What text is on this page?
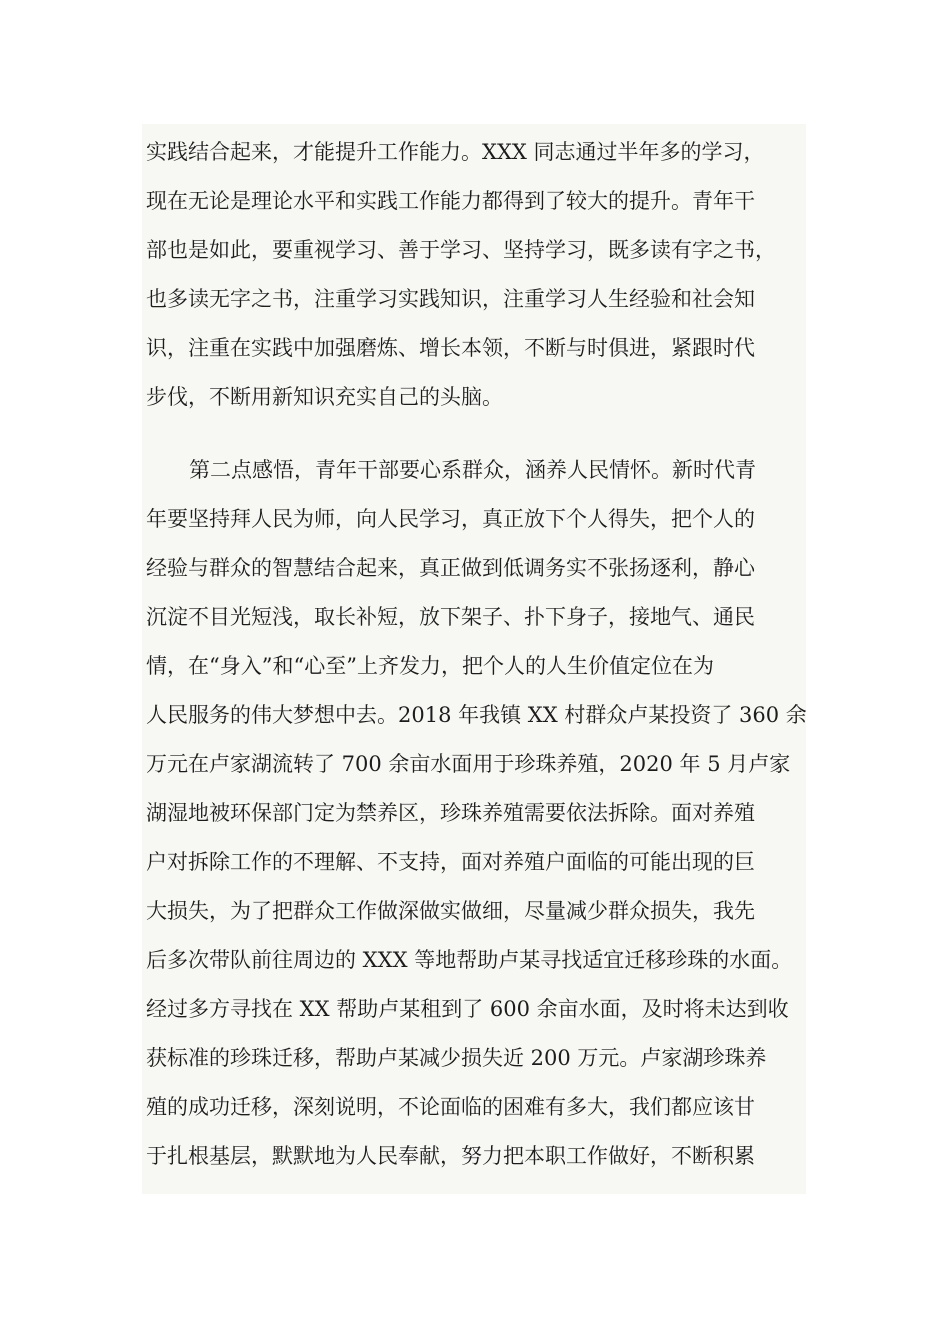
实践结合起来，才能提升工作能力。XXX 同志通过半年多的学习，
现在无论是理论水平和实践工作能力都得到了较大的提升。青年干
部也是如此，要重视学习、善于学习、坚持学习，既多读有字之书，
也多读无字之书，注重学习实践知识，注重学习人生经验和社会知
识，注重在实践中加强磨炼、增长本领，不断与时俱进，紧跟时代
步伐，不断用新知识充实自己的头脑。
第二点感悟，青年干部要心系群众，涵养人民情怀。新时代青
年要坚持拜人民为师，向人民学习，真正放下个人得失，把个人的
经验与群众的智慧结合起来，真正做到低调务实不张扬逐利，静心
沉淀不目光短浅，取长补短，放下架子、扑下身子，接地气、通民
情，在“身入”和“心至”上齐发力，把个人的人生价值定位在为
人民服务的伟大梦想中去。2018 年我镇 XX 村群众卢某投资了 360 余
万元在卢家湖流转了 700 余亩水面用于珍珠养殖，2020 年 5 月卢家
湖湿地被环保部门定为禁养区，珍珠养殖需要依法拆除。面对养殖
户对拆除工作的不理解、不支持，面对养殖户面临的可能出现的巨
大损失，为了把群众工作做深做实做细，尽量减少群众损失，我先
后多次带队前往周边的 XXX 等地帮助卢某寻找适宜迁移珍珠的水面。
经过多方寻找在 XX 帮助卢某租到了 600 余亩水面，及时将未达到收
获标准的珍珠迁移，帮助卢某减少损失近 200 万元。卢家湖珍珠养
殖的成功迁移，深刻说明，不论面临的困难有多大，我们都应该甘
于扎根基层，默默地为人民奉献，努力把本职工作做好，不断积累
